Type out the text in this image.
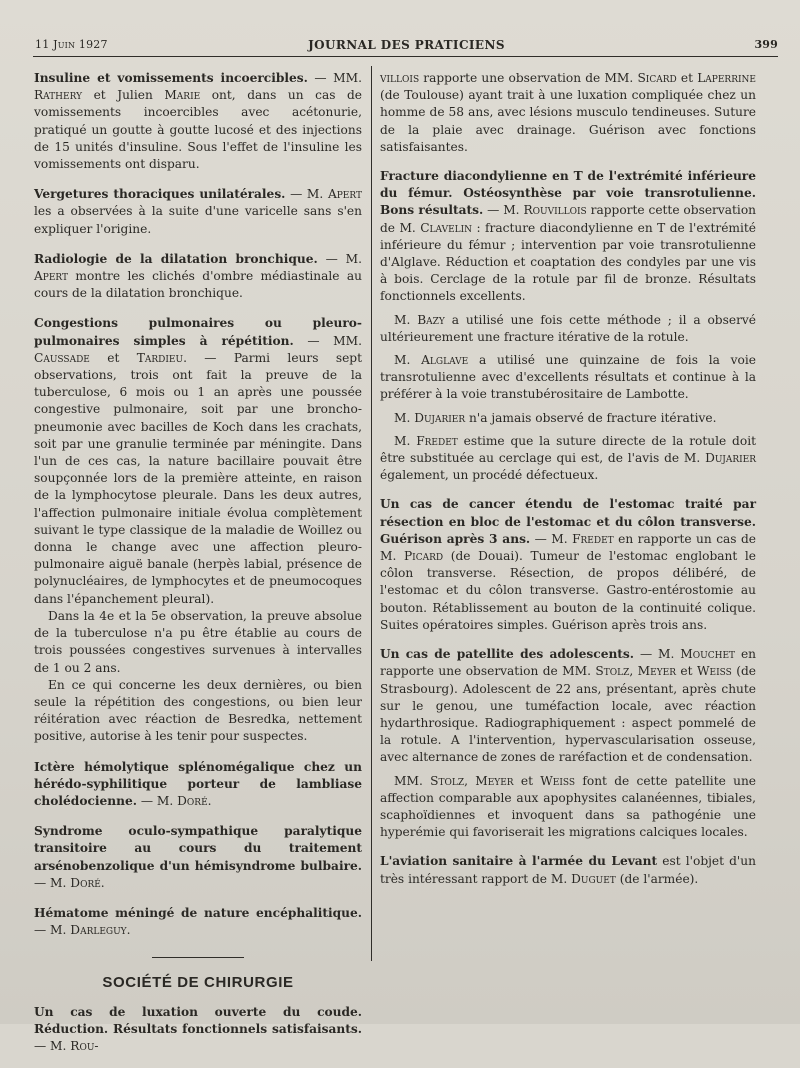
11 Juin 1927	JOURNAL DES PRATICIENS	399

Insuline et vomissements incoercibles. — MM. Rathery et Julien Marie ont, dans un cas de vomissements incoercibles avec acétonurie, pratiqué un goutte à goutte lucosé et des injections de 15 unités d'insuline. Sous l'effet de l'insuline les vomissements ont disparu.

Vergetures thoraciques unilatérales. — M. Apert les a observées à la suite d'une varicelle sans s'en expliquer l'origine.

Radiologie de la dilatation bronchique. — M. Apert montre les clichés d'ombre médiastinale au cours de la dilatation bronchique.

Congestions pulmonaires ou pleuro-pulmonaires simples à répétition. — MM. Caussade et Tardieu. — Parmi leurs sept observations, trois ont fait la preuve de la tuberculose, 6 mois ou 1 an après une poussée congestive pulmonaire, soit par une broncho-pneumonie avec bacilles de Koch dans les crachats, soit par une granulie terminée par méningite. Dans l'un de ces cas, la nature bacillaire pouvait être soupçonnée lors de la première atteinte, en raison de la lymphocytose pleurale. Dans les deux autres, l'affection pulmonaire initiale évolua complètement suivant le type classique de la maladie de Woillez ou donna le change avec une affection pleuro-pulmonaire aiguë banale (herpès labial, présence de polynucléaires, de lymphocytes et de pneumocoques dans l'épanchement pleural).

Dans la 4e et la 5e observation, la preuve absolue de la tuberculose n'a pu être établie au cours de trois poussées congestives survenues à intervalles de 1 ou 2 ans.

En ce qui concerne les deux dernières, ou bien seule la répétition des congestions, ou bien leur réitération avec réaction de Besredka, nettement positive, autorise à les tenir pour suspectes.

Ictère hémolytique splénomégalique chez un hérédo-syphilitique porteur de lambliase cholédocienne. — M. Doré.

Syndrome oculo-sympathique paralytique transitoire au cours du traitement arsénobenzolique d'un hémisyndrome bulbaire. — M. Doré.

Hématome méningé de nature encéphalitique. — M. Darleguy.

SOCIÉTÉ DE CHIRURGIE

Un cas de luxation ouverte du coude. Réduction. Résultats fonctionnels satisfaisants. — M. Rou-

villois rapporte une observation de MM. Sicard et Laperrine (de Toulouse) ayant trait à une luxation compliquée chez un homme de 58 ans, avec lésions musculo tendineuses. Suture de la plaie avec drainage. Guérison avec fonctions satisfaisantes.

Fracture diacondylienne en T de l'extrémité inférieure du fémur. Ostéosynthèse par voie transrotulienne. Bons résultats. — M. Rouvillois rapporte cette observation de M. Clavelin : fracture diacondylienne en T de l'extrémité inférieure du fémur ; intervention par voie transrotulienne d'Alglave. Réduction et coaptation des condyles par une vis à bois. Cerclage de la rotule par fil de bronze. Résultats fonctionnels excellents.

M. Bazy a utilisé une fois cette méthode ; il a observé ultérieurement une fracture itérative de la rotule.

M. Alglave a utilisé une quinzaine de fois la voie transrotulienne avec d'excellents résultats et continue à la préférer à la voie transtubérositaire de Lambotte.

M. Dujarier n'a jamais observé de fracture itérative.

M. Fredet estime que la suture directe de la rotule doit être substituée au cerclage qui est, de l'avis de M. Dujarier également, un procédé défectueux.

Un cas de cancer étendu de l'estomac traité par résection en bloc de l'estomac et du côlon transverse. Guérison après 3 ans. — M. Fredet en rapporte un cas de M. Picard (de Douai). Tumeur de l'estomac englobant le côlon transverse. Résection, de propos délibéré, de l'estomac et du côlon transverse. Gastro-entérostomie au bouton. Rétablissement au bouton de la continuité colique. Suites opératoires simples. Guérison après trois ans.

Un cas de patellite des adolescents. — M. Mouchet en rapporte une observation de MM. Stolz, Meyer et Weiss (de Strasbourg). Adolescent de 22 ans, présentant, après chute sur le genou, une tuméfaction locale, avec réaction hydarthrosique. Radiographiquement : aspect pommelé de la rotule. A l'intervention, hypervascularisation osseuse, avec alternance de zones de raréfaction et de condensation.

MM. Stolz, Meyer et Weiss font de cette patellite une affection comparable aux apophysites calanéennes, tibiales, scaphoïdiennes et invoquent dans sa pathogénie une hyperémie qui favoriserait les migrations calciques locales.

L'aviation sanitaire à l'armée du Levant est l'objet d'un très intéressant rapport de M. Duguet (de l'armée).
